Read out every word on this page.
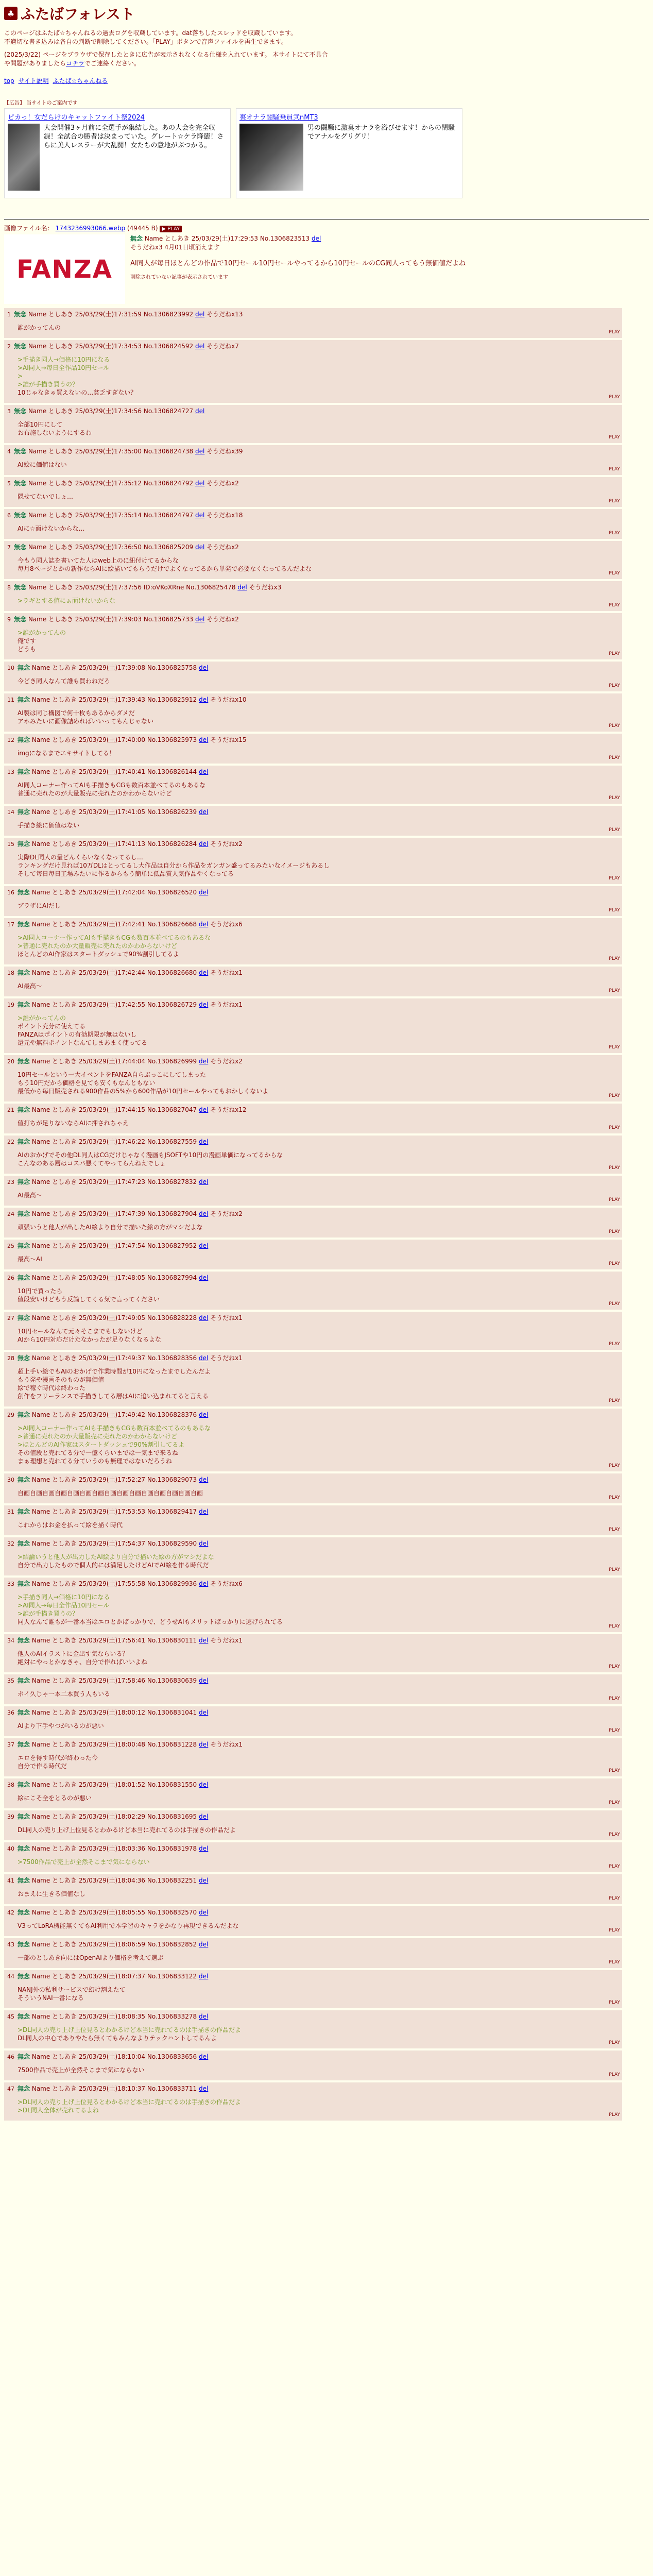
♣ ふたばフォレスト
このページはふたば☆ちゃんねるの過去ログを収蔵しています。dat落ちしたスレッドを収蔵しています。
不適切な書き込みは各自の判断で削除してください。「PLAY」ボタンで音声ファイルを再生できます。
(2025/3/22) ページをブラウザで保存したときに広告が表示されなくなる仕様を入れています。 本サイトにて不具合や問題がありましたらコチラでご連絡ください。
top サイト説明 ふたば☆ちゃんねる
【広告】 当サイトのご案内です
ピカっ！女だらけのキャットファイト祭2024
大会開催3ヶ月前に全選手が集結した。あの大会を完全収録！全試合の勝者は決まっていた。グレート☆ケラ降臨！さらに美人レスラーが大乱闘！女たちの意地がぶつかる。
裏オナラ闘騒乗員弐nMT3
男の闘騒に激臭オナラを浴びせます！からの閉騒でアナルをグリグリ！
画像ファイル名： 1743236993066.webp (49445 B) ▶ PLAY
FANZA
無念 Name としあき 25/03/29(土)17:29:53 No.1306823513 del
そうだねx3 4月01日頃消えます
AI同人が毎日ほとんどの作品で10円セール10円セールやってるから10円セールのCG同人ってもう無価値だよね
削除されていない記事が表示されています
1 無念 Name としあき 25/03/29(土)17:31:59 No.1306823992 del そうだねx13
誰がかってんの
PLAY
2 無念 Name としあき 25/03/29(土)17:34:53 No.1306824592 del そうだねx7
>手描き同人→価格に10円になる
>AI同人→毎日全作品10円セール
>
>誰が手描き買うの？
10じゃなきゃ買えないの…貧乏すぎない？
PLAY
3 無念 Name としあき 25/03/29(土)17:34:56 No.1306824727 del
全部10円にして
お布施しないようにするわ
PLAY
4 無念 Name としあき 25/03/29(土)17:35:00 No.1306824738 del そうだねx39
AI絵に価値はない
PLAY
5 無念 Name としあき 25/03/29(土)17:35:12 No.1306824792 del そうだねx2
隠せてないでしょ…
PLAY
6 無念 Name としあき 25/03/29(土)17:35:14 No.1306824797 del そうだねx18
AIに☆面けないからな…
PLAY
7 無念 Name としあき 25/03/29(土)17:36:50 No.1306825209 del そうだねx2
今もう同人誌を書いてた人はweb上のに紐付けてるからな
毎月8ページとかの新作ならAIに絵描いてもらうだけでよくなってるから単発で必要なくなってるんだよな
PLAY
8 無念 Name としあき 25/03/29(土)17:37:56 ID:oVKoXRne No.1306825478 del そうだねx3
>ラギとする値にぁ面けないからな
PLAY
9 無念 Name としあき 25/03/29(土)17:39:03 No.1306825733 del そうだねx2
>誰がかってんの
俺です
どうも
PLAY
10 無念 Name としあき 25/03/29(土)17:39:08 No.1306825758 del
今どき同人なんて誰も買わねだろ
PLAY
11 無念 Name としあき 25/03/29(土)17:39:43 No.1306825912 del そうだねx10
AI製は同じ構図で何十枚もあるからダメだ
アホみたいに画像詰めればいいってもんじゃない
PLAY
12 無念 Name としあき 25/03/29(土)17:40:00 No.1306825973 del そうだねx15
imgになるまでエキサイトしてる！
PLAY
13 無念 Name としあき 25/03/29(土)17:40:41 No.1306826144 del
AI同人コーナー作ってAIも手描きもCGも数百本並べてるのもあるな
普通に売れたのが大量販売に売れたのかわからないけど
PLAY
14 無念 Name としあき 25/03/29(土)17:41:05 No.1306826239 del
手描き絵に価値はない
PLAY
15 無念 Name としあき 25/03/29(土)17:41:13 No.1306826284 del そうだねx2
実際DL同人の量どんくらいなくなってるし…
ランキングだけ見れば10万DLはとってるし大作品は自分から作品をガンガン盛ってるみたいなイメージもあるし
そして毎日毎日工場みたいに作るからもう簡単に低品質人気作品やくなってる
PLAY
16 無念 Name としあき 25/03/29(土)17:42:04 No.1306826520 del
ブラザにAIだし
PLAY
17 無念 Name としあき 25/03/29(土)17:42:41 No.1306826668 del そうだねx6
>AI同人コーナー作ってAIも手描きもCGも数百本並べてるのもあるな
>普通に売れたのか大量販売に売れたのかわからないけど
ほとんどのAI作家はスタートダッシュで90%割引してるよ
PLAY
18 無念 Name としあき 25/03/29(土)17:42:44 No.1306826680 del そうだねx1
AI最高～
PLAY
19 無念 Name としあき 25/03/29(土)17:42:55 No.1306826729 del そうだねx1
>誰がかってんの
ポイント充分に使えてる
FANZAはポイントの有効期限が無はないし
還元や無料ポイントなんてしまあまく使ってる
PLAY
20 無念 Name としあき 25/03/29(土)17:44:04 No.1306826999 del そうだねx2
10円セールという一大イベントをFANZA自らぶっこにしてしまった
もう10円だから価格を見ても安くもなんともない
最低から毎日販売される900作品の5%から600作品が10円セールやってもおかしくないよ
PLAY
21 無念 Name としあき 25/03/29(土)17:44:15 No.1306827047 del そうだねx12
値打ちが足りないならAIに押されちゃえ
PLAY
22 無念 Name としあき 25/03/29(土)17:46:22 No.1306827559 del
AIのおかげでその他DL同人はCGだけじゃなく漫画もJSOFTや10円の漫画単価になってるからな
こんなのある層はコスパ悪くてやってらんねえでしょ
PLAY
23 無念 Name としあき 25/03/29(土)17:47:23 No.1306827832 del
AI最高～
PLAY
24 無念 Name としあき 25/03/29(土)17:47:39 No.1306827904 del そうだねx2
頑張いうと他人が出したAI絵より自分で描いた絵の方がマシだよな
PLAY
25 無念 Name としあき 25/03/29(土)17:47:54 No.1306827952 del
最高～AI
PLAY
26 無念 Name としあき 25/03/29(土)17:48:05 No.1306827994 del
10円で買ったら
値段安いけどもう反論してくる気で言ってください
PLAY
27 無念 Name としあき 25/03/29(土)17:49:05 No.1306828228 del そうだねx1
10円セールなんて元々そこまでもしないけど
AIから10円対応だけたなかったが足りなくなるよな
PLAY
28 無念 Name としあき 25/03/29(土)17:49:37 No.1306828356 del そうだねx1
超上手い絵でもAIのおかげで作業時間が10円になったまでしたんだよ
もう発や漫画そのものが無価値
絵で稼ぐ時代は終わった
創作をフリーランスで手描きしてる層はAIに追い込まれてると言える
PLAY
29 無念 Name としあき 25/03/29(土)17:49:42 No.1306828376 del
>AI同人コーナー作ってAIも手描きもCGも数百本並べてるのもあるな
>普通に売れたのか大量販売に売れたのかわからないけど
>ほとんどのAI作家はスタートダッシュで90%割引してるよ
その値段と売れてる分で一億くらいまでは一気まで来るね
まぁ理想と売れてる分ていうのも無理ではないだろうね
PLAY
30 無念 Name としあき 25/03/29(土)17:52:27 No.1306829073 del
自画自画自画自画自画自画自画自画自画自画自画自画自画自画自画
PLAY
31 無念 Name としあき 25/03/29(土)17:53:53 No.1306829417 del
これからはお金を払って絵を描く時代
PLAY
32 無念 Name としあき 25/03/29(土)17:54:37 No.1306829590 del
>結論いうと他人が出力したAI絵より自分で描いた絵の方がマシだよな
自分で出力したもので個人的には満足したけどAIでAI絵を作る時代だ
PLAY
33 無念 Name としあき 25/03/29(土)17:55:58 No.1306829936 del そうだねx6
>手描き同人→価格に10円になる
>AI同人→毎日全作品10円セール
>誰が手描き買うの？
同人なんて誰もが一番本当はエロとかばっかりで、どうせAIもメリットばっかりに逃げられてる
PLAY
34 無念 Name としあき 25/03/29(土)17:56:41 No.1306830111 del そうだねx1
他人のAIイラストに金出す気ならいる？
絶対にやっとかなきゃ、自分で作ればいいよね
PLAY
35 無念 Name としあき 25/03/29(土)17:58:46 No.1306830639 del
ポイ久じゃ一本二本買う人もいる
PLAY
36 無念 Name としあき 25/03/29(土)18:00:12 No.1306831041 del
AIより下手やつがいるのが悪い
PLAY
37 無念 Name としあき 25/03/29(土)18:00:48 No.1306831228 del そうだねx1
エロを得す時代が終わった今
自分で作る時代だ
PLAY
38 無念 Name としあき 25/03/29(土)18:01:52 No.1306831550 del
絵にこそ全をとるのが悪い
PLAY
39 無念 Name としあき 25/03/29(土)18:02:29 No.1306831695 del
DL同人の売り上げ上位見るとわかるけど本当に売れてるのは手描きの作品だよ
PLAY
40 無念 Name としあき 25/03/29(土)18:03:36 No.1306831978 del
>7500作品で売上が全然そこまで気にならない
PLAY
41 無念 Name としあき 25/03/29(土)18:04:36 No.1306832251 del
おまえに生きる価値なし
PLAY
42 無念 Name としあき 25/03/29(土)18:05:55 No.1306832570 del
V3ってLoRA機能無くてもAI利用で本学習のキャラをかなり再現できるんだよな
PLAY
43 無念 Name としあき 25/03/29(土)18:06:59 No.1306832852 del
一部のとしあき向にはOpenAIより価格を考えて選ぶ
PLAY
44 無念 Name としあき 25/03/29(土)18:07:37 No.1306833122 del
NANJ外の私利サービスで幻け割えたて
そういうNAI一番になる
PLAY
45 無念 Name としあき 25/03/29(土)18:08:35 No.1306833278 del
>DL同人の売り上げ上位見るとわかるけど本当に売れてるのは手描きの作品だよ
DL同人の中心でありやたら無くてもみんなよりテックハントしてるんよ
PLAY
46 無念 Name としあき 25/03/29(土)18:10:04 No.1306833656 del
7500作品で売上が全然そこまで気にならない
PLAY
47 無念 Name としあき 25/03/29(土)18:10:37 No.1306833711 del
>DL同人の売り上げ上位見るとわかるけど本当に売れてるのは手描きの作品だよ
>DL同人全体が売れてるよね
PLAY
